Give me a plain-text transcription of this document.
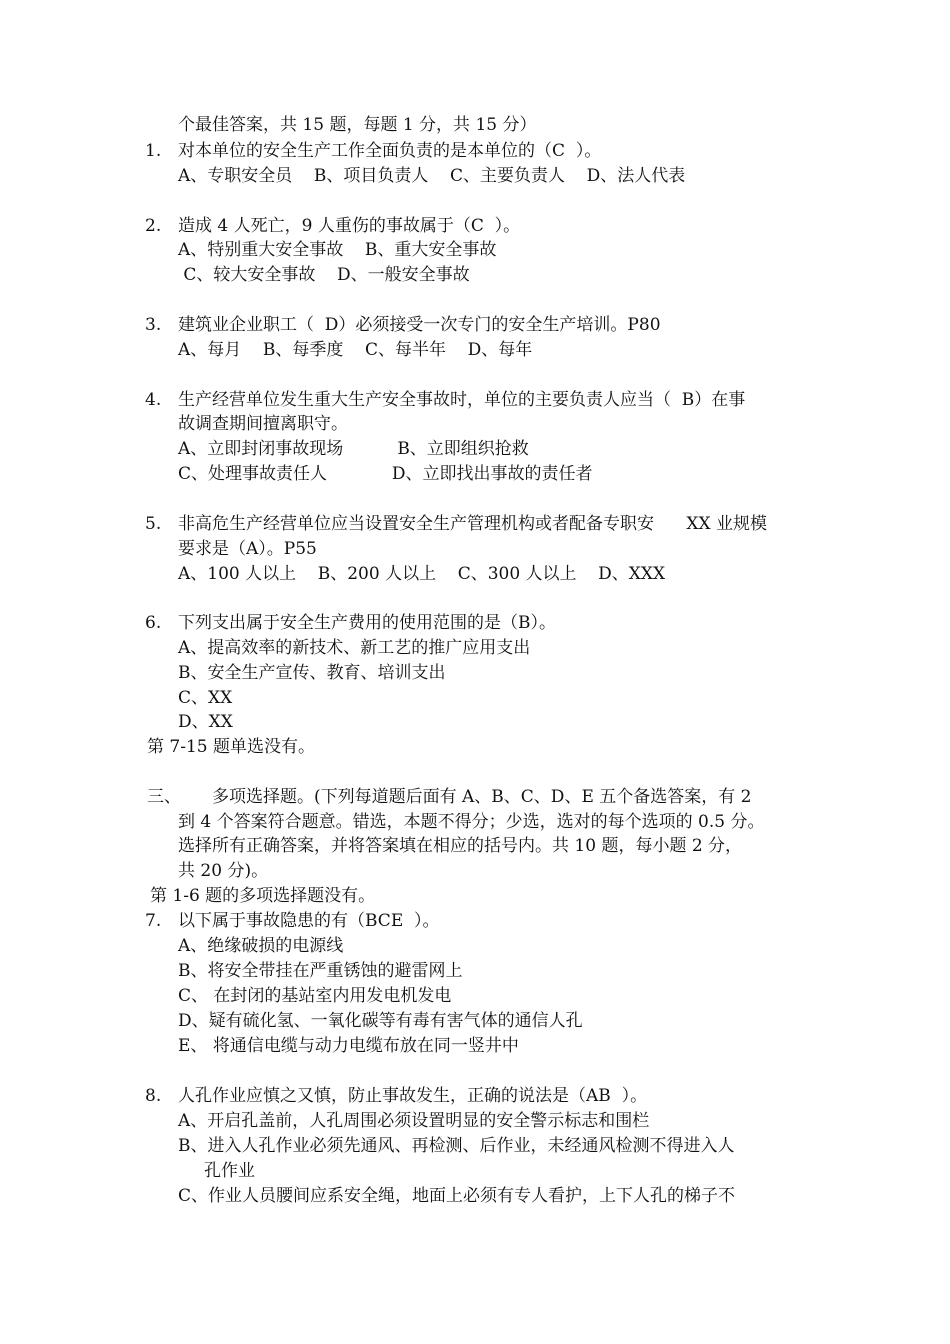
个最佳答案，共 15 题，每题 1 分，共 15 分）
1. 对本单位的安全生产工作全面负责的是本单位的（C  ）。
A、专职安全员    B、项目负责人    C、主要负责人    D、法人代表
2. 造成 4 人死亡，9 人重伤的事故属于（C  ）。
A、特别重大安全事故    B、重大安全事故
C、较大安全事故    D、一般安全事故
3. 建筑业企业职工（  D）必须接受一次专门的安全生产培训。P80
A、每月    B、每季度    C、每半年    D、每年
4. 生产经营单位发生重大生产安全事故时，单位的主要负责人应当（  B）在事
故调查期间擅离职守。
A、立即封闭事故现场          B、立即组织抢救
C、处理事故责任人            D、立即找出事故的责任者
5. 非高危生产经营单位应当设置安全生产管理机构或者配备专职安      XX 业规模
要求是（A）。P55
A、100 人以上    B、200 人以上    C、300 人以上    D、XXX
6. 下列支出属于安全生产费用的使用范围的是（B）。
A、提高效率的新技术、新工艺的推广应用支出
B、安全生产宣传、教育、培训支出
C、XX
D、XX
第 7-15 题单选没有。
三、 多项选择题。(下列每道题后面有 A、B、C、D、E 五个备选答案，有 2
到 4 个答案符合题意。错选，本题不得分；少选，选对的每个选项的 0.5 分。
选择所有正确答案，并将答案填在相应的括号内。共 10 题，每小题 2 分，
共 20 分)。
第 1-6 题的多项选择题没有。
7. 以下属于事故隐患的有（BCE  ）。
A、绝缘破损的电源线
B、将安全带挂在严重锈蚀的避雷网上
C、 在封闭的基站室内用发电机发电
D、疑有硫化氢、一氧化碳等有毒有害气体的通信人孔
E、 将通信电缆与动力电缆布放在同一竖井中
8. 人孔作业应慎之又慎，防止事故发生，正确的说法是（AB  ）。
A、开启孔盖前，人孔周围必须设置明显的安全警示标志和围栏
B、进入人孔作业必须先通风、再检测、后作业，未经通风检测不得进入人
孔作业
C、作业人员腰间应系安全绳，地面上必须有专人看护，上下人孔的梯子不
